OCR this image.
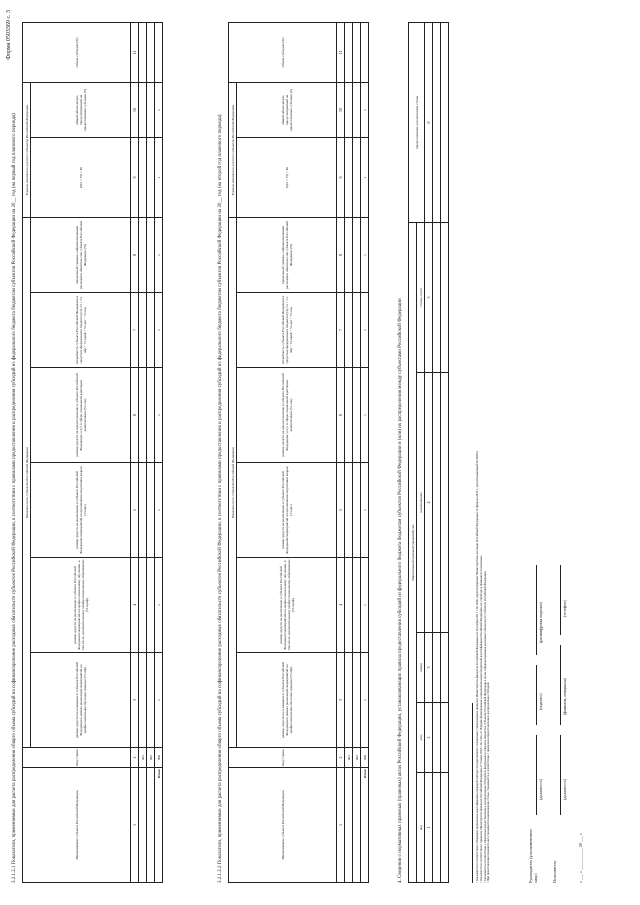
Форма 0503369 с. 3
3.2.1.2.1 Показатели, применяемые для расчета распределения общего объема субсидий на софинансирование расходных обязательств субъектов Российской Федерации, в соответствии с правилами предоставления и распределения субсидий из федерального бюджета бюджетам субъектов Российской Федерации на 20__ год (на первый год планового периода)	Наименование субъекта Российской Федерации	Код строки	Показатели по субъектам Российской Федерации						Единые показатели для всех субъектов Российской Федерации		Объем субсидии (Si)
		размер средств на оснащение в субъекте Российской Федерации в рамках реализации мероприятий на профессиональное обучение граждан (Vi-обр)	размер средств на реализацию в субъекте Российской Федерации мероприятий по профессиональному обучению, в том числе дополнительному профессиональному образованию (Vi-проф)	размер средств на реализацию в субъекте Российской Федерации мероприятий по организации подготовки кадров (Vi-орг)	размер средств на предоставление в субъекте Российской Федерации услуг в сфере социальной адаптации, реабилитации (Vi-соц)	потребность субъекта Российской Федерации в средствах федерального бюджета (Ci), Ci = Vi-обр + Vi-проф + Vi-орг + Vi-соц	предельный уровень софинансирования расходного обязательства субъекта Российской Федерации (Yi)	Σ(Ci × Yi) × Ki	общий объем затрат, предусмотренный на предоставление субсидии (S)	
1	2	3	4	5	6	7	8	9	10	11
	001									
	002									
Итого	900	x	x	x	x	x	x	x	x	
3.2.1.2.2 Показатели, применяемые для расчета распределения общего объема субсидий на софинансирование расходных обязательств субъектов Российской Федерации, в соответствии с правилами предоставления и распределения субсидий из федерального бюджета бюджетам субъектов Российской Федерации на 20__ год (на второй год планового периода)	Наименование субъекта Российской Федерации	Код строки	Показатели по субъектам Российской Федерации						Единые показатели для всех субъектов Российской Федерации		Объем субсидии (Si)
		размер средств на оснащение в субъекте Российской Федерации в рамках реализации мероприятий на профессиональное обучение граждан (Vi-обр)	размер средств на реализацию в субъекте Российской Федерации мероприятий по профессиональному обучению, в том числе дополнительному профессиональному образованию (Vi-проф)	размер средств на реализацию в субъекте Российской Федерации мероприятий по организации подготовки кадров (Vi-орг)	размер средств на предоставление в субъекте Российской Федерации услуг в сфере социальной адаптации, реабилитации (Vi-соц)	потребность субъекта Российской Федерации в средствах федерального бюджета (Ci), Ci = Vi-обр + Vi-проф + Vi-орг + Vi-соц	предельный уровень софинансирования расходного обязательства субъекта Российской Федерации (Yi)	Σ(Ci × Yi) × Ki	общий объем затрат, предусмотренный на предоставление субсидии (S)	
1	2	3	4	5	6	7	8	9	10	11
	001									
	002									
Итого	900	x	x	x	x	x	x	x	x	
4. Сведения о нормативных правовых (правовых) актах Российской Федерации, устанавливающих правила предоставления субсидий из федерального бюджета бюджетам субъектов Российской Федерации и (или) их распределения между субъектами Российской Федерации Нормативный правовой (правовой) акт					предоставление для описания статьи
вид	дата	номер	наименование	статья, пункт	
1	2	3	4	5	6

¹ Указывается в соответствии с Порядком применения классификации операций сектора государственного управления, утвержденным приказом Министерства финансов Российской Федерации от 29 ноября 2017 г. № 209н (зарегистрирован Министерством юстиции Российской Федерации 12 февраля 2018 г., регистрационный № 50003). ² Указывается в соответствии с приказом Министерства финансов Российской Федерации от 8 июня 2018 г. № 132н «О Порядке формирования и применения кодов бюджетной классификации Российской Федерации, их структуре и принципах назначения». ³ Заполняется в соответствии с правилами предоставления и распределения субсидий из федерального бюджета бюджетам субъектов Российской Федерации в целях софинансирования расходных обязательств субъектов Российской Федерации. ⁴ При представлении правового акта указывается наименование статьи. Указывается в соответствии с правилами предоставления и распределения субсидий.	Руководитель (уполномоченное лицо)
(должность)
(подпись)
(расшифровка подписи)
Исполнитель
(должность)
(фамилия, инициалы)
(телефон)
« ___ » ___________ 20 ___ г.
